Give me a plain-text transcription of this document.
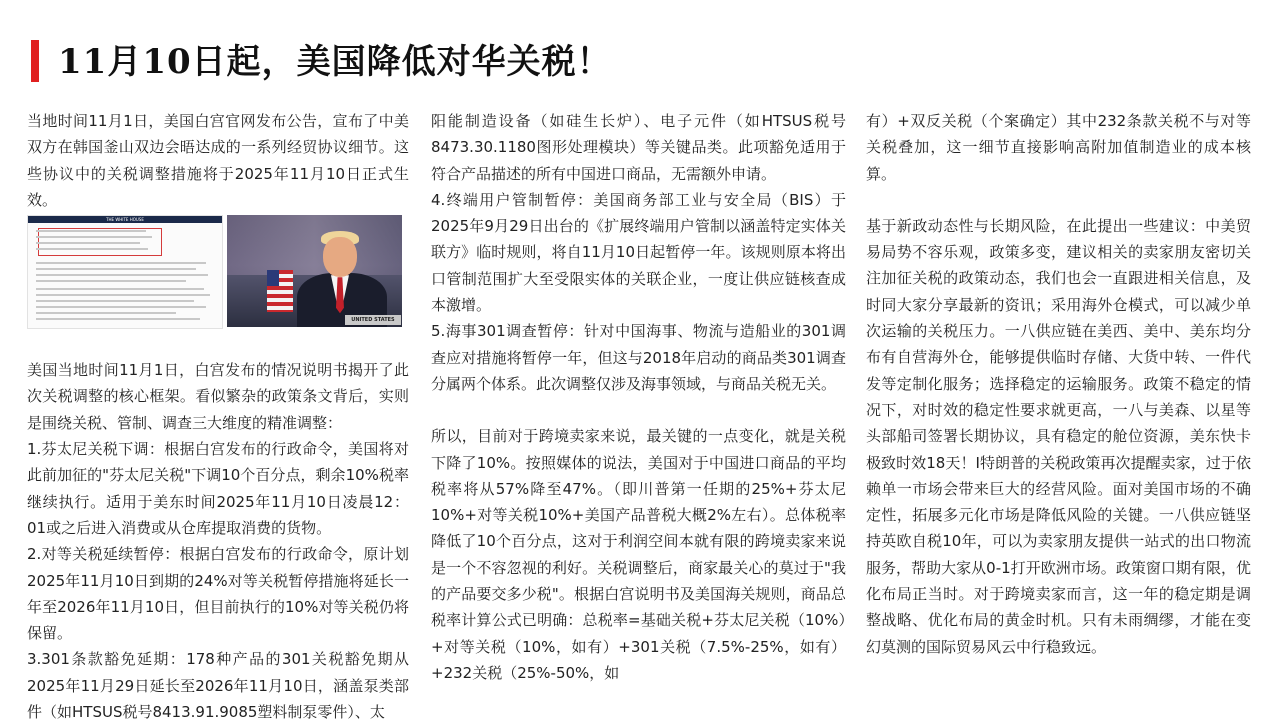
11月10日起，美国降低对华关税！

当地时间11月1日，美国白宫官网发布公告，宣布了中美双方在韩国釜山双边会晤达成的一系列经贸协议细节。这些协议中的关税调整措施将于2025年11月10日正式生效。

THE WHITE HOUSE
UNITED STATES

美国当地时间11月1日，白宫发布的情况说明书揭开了此次关税调整的核心框架。看似繁杂的政策条文背后，实则是围绕关税、管制、调查三大维度的精准调整：

1.芬太尼关税下调：根据白宫发布的行政命令，美国将对此前加征的"芬太尼关税"下调10个百分点，剩余10%税率继续执行。适用于美东时间2025年11月10日凌晨12：01或之后进入消费或从仓库提取消费的货物。

2.对等关税延续暂停：根据白宫发布的行政命令，原计划2025年11月10日到期的24%对等关税暂停措施将延长一年至2026年11月10日，但目前执行的10%对等关税仍将保留。

3.301条款豁免延期：178种产品的301关税豁免期从2025年11月29日延长至2026年11月10日，涵盖泵类部件（如HTSUS税号8413.91.9085塑料制泵零件）、太

阳能制造设备（如硅生长炉）、电子元件（如HTSUS税号8473.30.1180图形处理模块）等关键品类。此项豁免适用于符合产品描述的所有中国进口商品，无需额外申请。

4.终端用户管制暂停：美国商务部工业与安全局（BIS）于2025年9月29日出台的《扩展终端用户管制以涵盖特定实体关联方》临时规则，将自11月10日起暂停一年。该规则原本将出口管制范围扩大至受限实体的关联企业，一度让供应链核查成本激增。

5.海事301调查暂停：针对中国海事、物流与造船业的301调查应对措施将暂停一年，但这与2018年启动的商品类301调查分属两个体系。此次调整仅涉及海事领域，与商品关税无关。

所以，目前对于跨境卖家来说，最关键的一点变化，就是关税下降了10%。按照媒体的说法，美国对于中国进口商品的平均税率将从57%降至47%。（即川普第一任期的25%+芬太尼10%+对等关税10%+美国产品普税大概2%左右）。总体税率降低了10个百分点，这对于利润空间本就有限的跨境卖家来说是一个不容忽视的利好。关税调整后，商家最关心的莫过于"我的产品要交多少税"。根据白宫说明书及美国海关规则，商品总税率计算公式已明确：总税率=基础关税+芬太尼关税（10%）+对等关税（10%，如有）+301关税（7.5%-25%，如有）+232关税（25%-50%，如

有）+双反关税（个案确定）其中232条款关税不与对等关税叠加，这一细节直接影响高附加值制造业的成本核算。

基于新政动态性与长期风险，在此提出一些建议：中美贸易局势不容乐观，政策多变，建议相关的卖家朋友密切关注加征关税的政策动态，我们也会一直跟进相关信息，及时同大家分享最新的资讯；采用海外仓模式，可以减少单次运输的关税压力。一八供应链在美西、美中、美东均分布有自营海外仓，能够提供临时存储、大货中转、一件代发等定制化服务；选择稳定的运输服务。政策不稳定的情况下，对时效的稳定性要求就更高，一八与美森、以星等头部船司签署长期协议，具有稳定的舱位资源，美东快卡极致时效18天！I特朗普的关税政策再次提醒卖家，过于依赖单一市场会带来巨大的经营风险。面对美国市场的不确定性，拓展多元化市场是降低风险的关键。一八供应链坚持英欧自税10年，可以为卖家朋友提供一站式的出口物流服务，帮助大家从0-1打开欧洲市场。政策窗口期有限，优化布局正当时。对于跨境卖家而言，这一年的稳定期是调整战略、优化布局的黄金时机。只有未雨绸缪，才能在变幻莫测的国际贸易风云中行稳致远。
